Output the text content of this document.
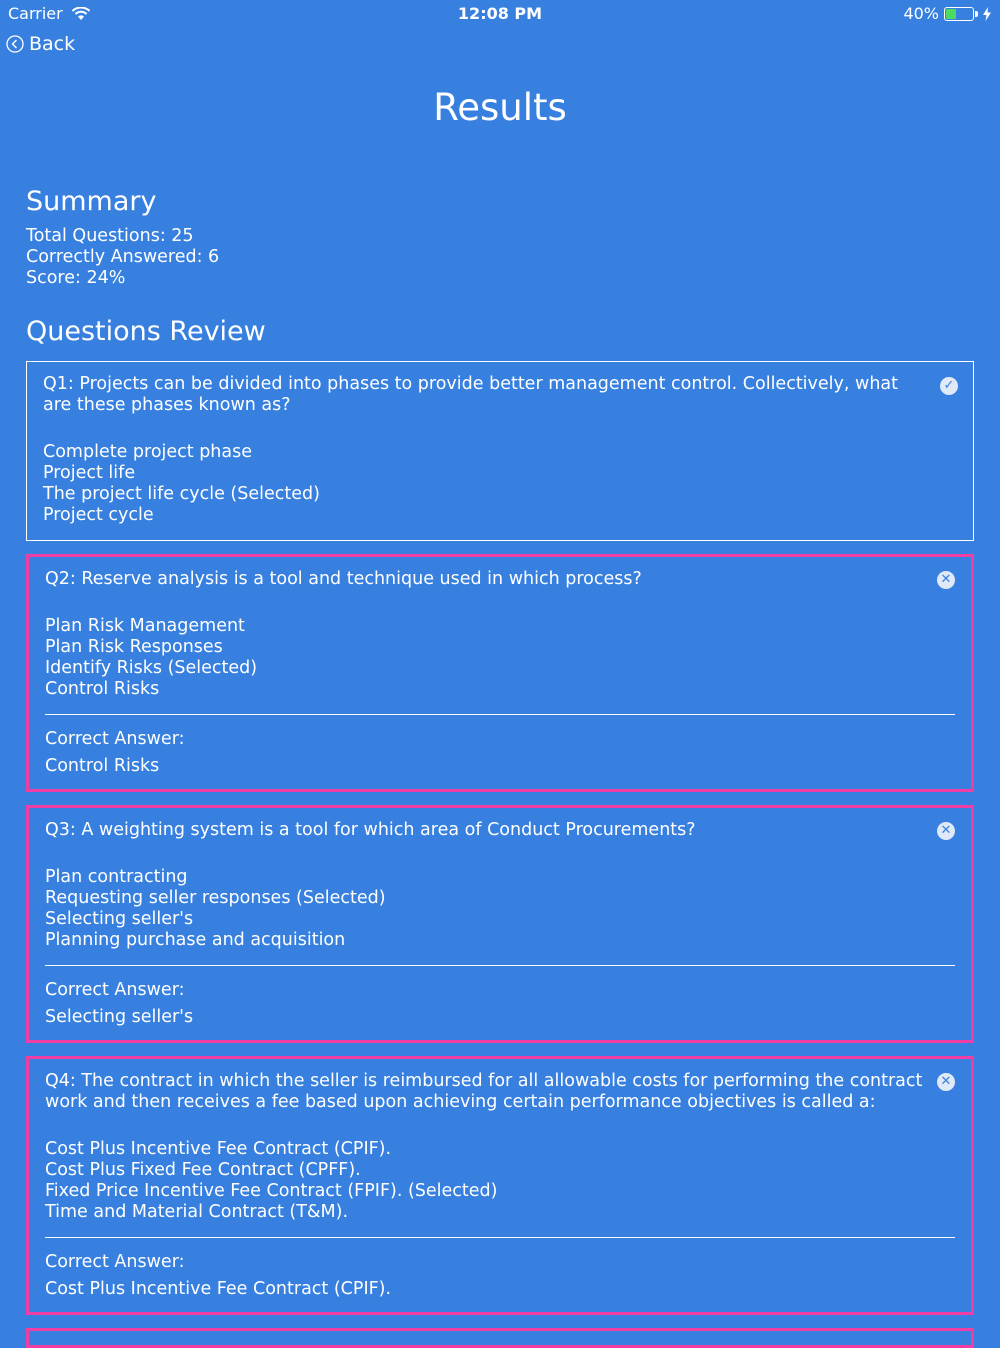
Carrier	12:08 PM	40%
Back
Results
Summary
Total Questions: 25
Correctly Answered: 6
Score: 24%
Questions Review
Q1: Projects can be divided into phases to provide better management control. Collectively, what are these phases known as?
✓
Complete project phase
Project life
The project life cycle (Selected)
Project cycle
Q2: Reserve analysis is a tool and technique used in which process?	✕
Plan Risk Management
Plan Risk Responses
Identify Risks (Selected)
Control Risks
Correct Answer:
Control Risks
Q3: A weighting system is a tool for which area of Conduct Procurements?	✕
Plan contracting
Requesting seller responses (Selected)
Selecting seller's
Planning purchase and acquisition
Correct Answer:
Selecting seller's
Q4: The contract in which the seller is reimbursed for all allowable costs for performing the contract work and then receives a fee based upon achieving certain performance objectives is called a:
✕
Cost Plus Incentive Fee Contract (CPIF).
Cost Plus Fixed Fee Contract (CPFF).
Fixed Price Incentive Fee Contract (FPIF). (Selected)
Time and Material Contract (T&M).
Correct Answer:
Cost Plus Incentive Fee Contract (CPIF).
